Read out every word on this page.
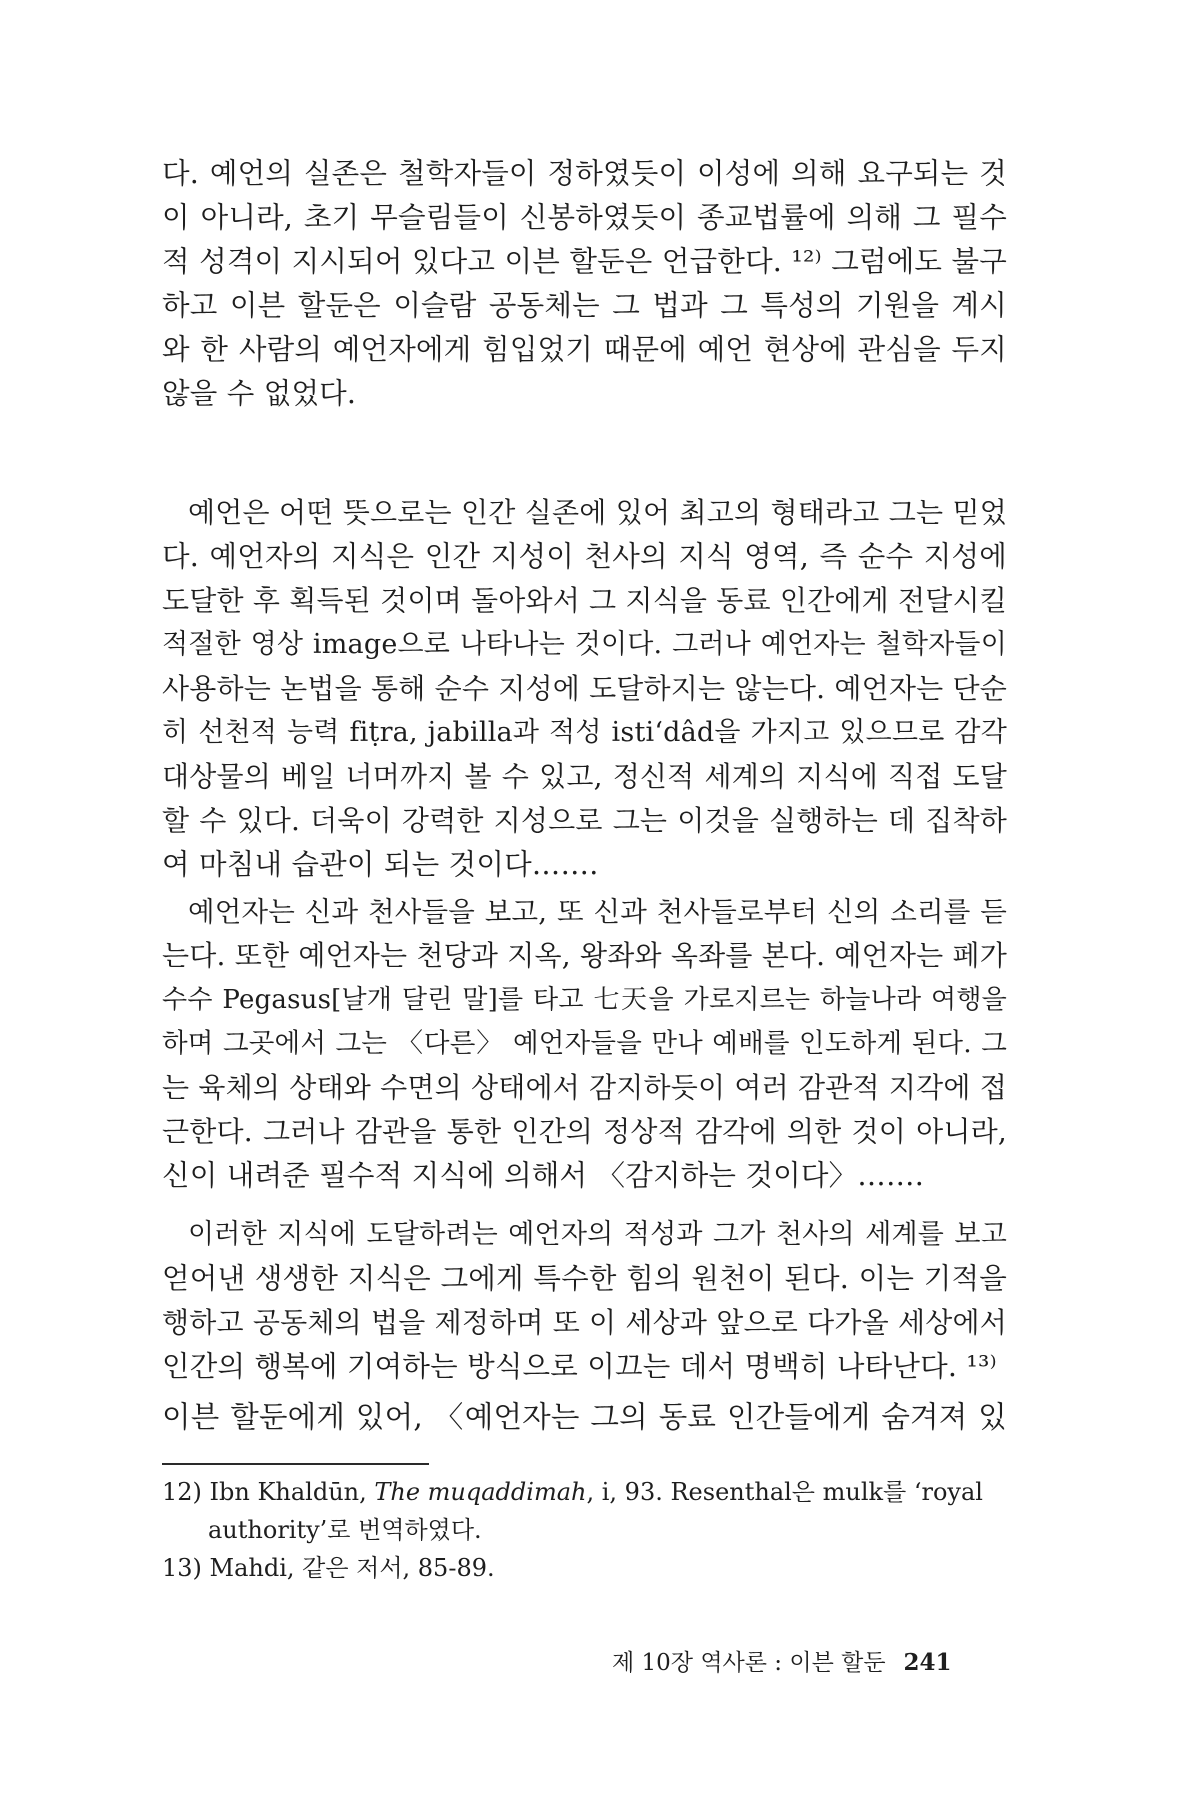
다. 예언의 실존은 철학자들이 정하였듯이 이성에 의해 요구되는 것
이 아니라, 초기 무슬림들이 신봉하였듯이 종교법률에 의해 그 필수
적 성격이 지시되어 있다고 이븐 할둔은 언급한다. ¹²⁾ 그럼에도 불구
하고 이븐 할둔은 이슬람 공동체는 그 법과 그 특성의 기원을 계시
와 한 사람의 예언자에게 힘입었기 때문에 예언 현상에 관심을 두지
않을 수 없었다.
예언은 어떤 뜻으로는 인간 실존에 있어 최고의 형태라고 그는 믿었
다. 예언자의 지식은 인간 지성이 천사의 지식 영역, 즉 순수 지성에
도달한 후 획득된 것이며 돌아와서 그 지식을 동료 인간에게 전달시킬
적절한 영상 image으로 나타나는 것이다. 그러나 예언자는 철학자들이
사용하는 논법을 통해 순수 지성에 도달하지는 않는다. 예언자는 단순
히 선천적 능력 fiṭra, jabilla과 적성 isti‘dâd을 가지고 있으므로 감각
대상물의 베일 너머까지 볼 수 있고, 정신적 세계의 지식에 직접 도달
할 수 있다. 더욱이 강력한 지성으로 그는 이것을 실행하는 데 집착하
여 마침내 습관이 되는 것이다…….
예언자는 신과 천사들을 보고, 또 신과 천사들로부터 신의 소리를 듣
는다. 또한 예언자는 천당과 지옥, 왕좌와 옥좌를 본다. 예언자는 페가
수수 Pegasus[날개 달린 말]를 타고 七天을 가로지르는 하늘나라 여행을
하며 그곳에서 그는 〈다른〉 예언자들을 만나 예배를 인도하게 된다. 그
는 육체의 상태와 수면의 상태에서 감지하듯이 여러 감관적 지각에 접
근한다. 그러나 감관을 통한 인간의 정상적 감각에 의한 것이 아니라,
신이 내려준 필수적 지식에 의해서 〈감지하는 것이다〉…….
이러한 지식에 도달하려는 예언자의 적성과 그가 천사의 세계를 보고
얻어낸 생생한 지식은 그에게 특수한 힘의 원천이 된다. 이는 기적을
행하고 공동체의 법을 제정하며 또 이 세상과 앞으로 다가올 세상에서
인간의 행복에 기여하는 방식으로 이끄는 데서 명백히 나타난다. ¹³⁾
이븐 할둔에게 있어, 〈예언자는 그의 동료 인간들에게 숨겨져 있
12) Ibn Khaldūn, The muqaddimah, i, 93. Resenthal은 mulk를 ‘royal
authority’로 번역하였다.
13) Mahdi, 같은 저서, 85-89.
제 10장 역사론 : 이븐 할둔 241
